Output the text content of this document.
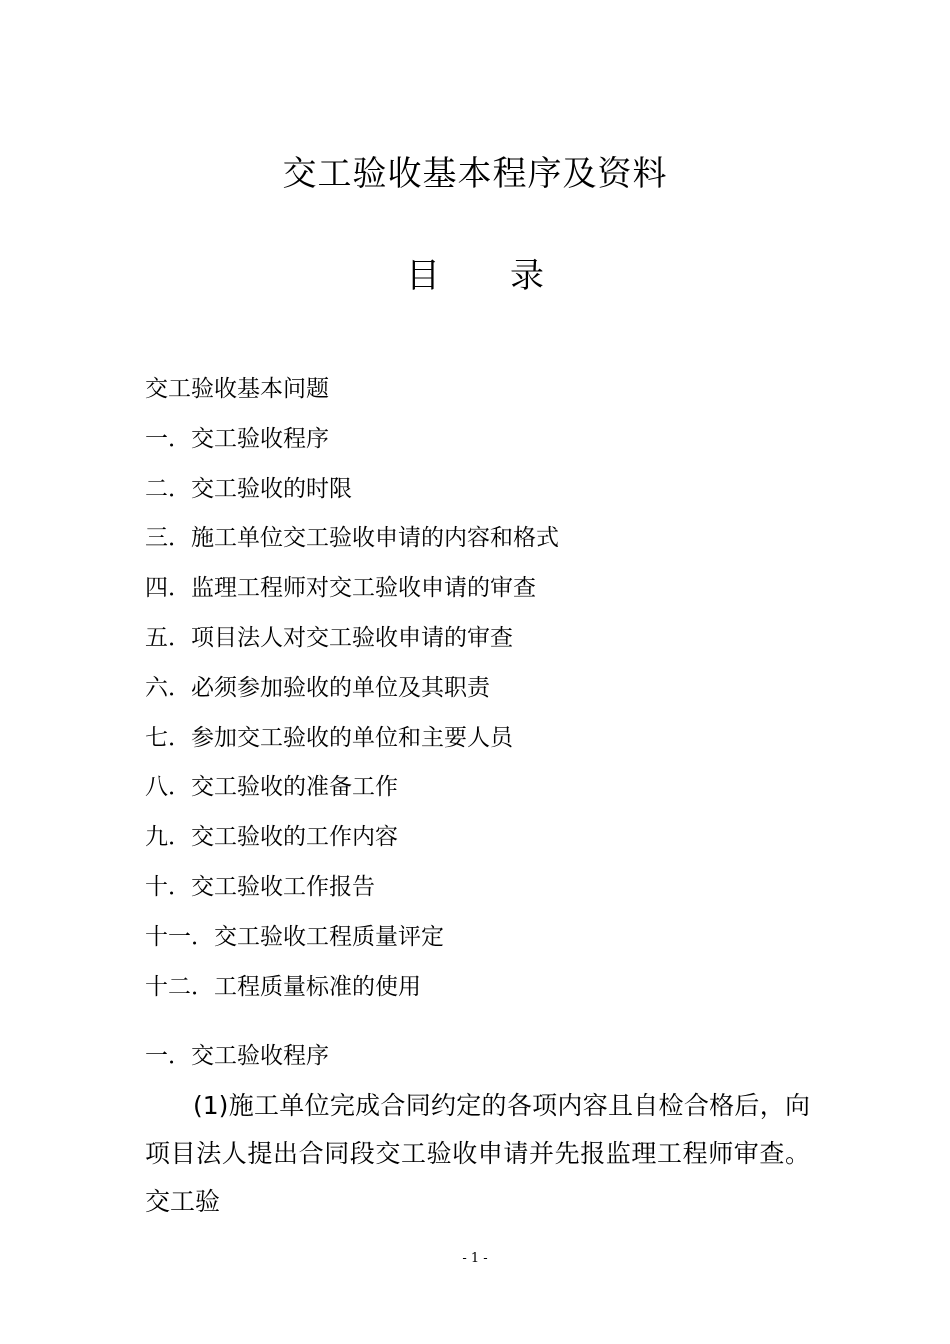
交工验收基本程序及资料
目 录
交工验收基本问题
一．交工验收程序
二．交工验收的时限
三．施工单位交工验收申请的内容和格式
四．监理工程师对交工验收申请的审查
五．项目法人对交工验收申请的审查
六．必须参加验收的单位及其职责
七．参加交工验收的单位和主要人员
八．交工验收的准备工作
九．交工验收的工作内容
十．交工验收工作报告
十一．交工验收工程质量评定
十二．工程质量标准的使用
一．交工验收程序

(1)施工单位完成合同约定的各项内容且自检合格后，向项目法人提出合同段交工验收申请并先报监理工程师审查。交工验

- 1 -
